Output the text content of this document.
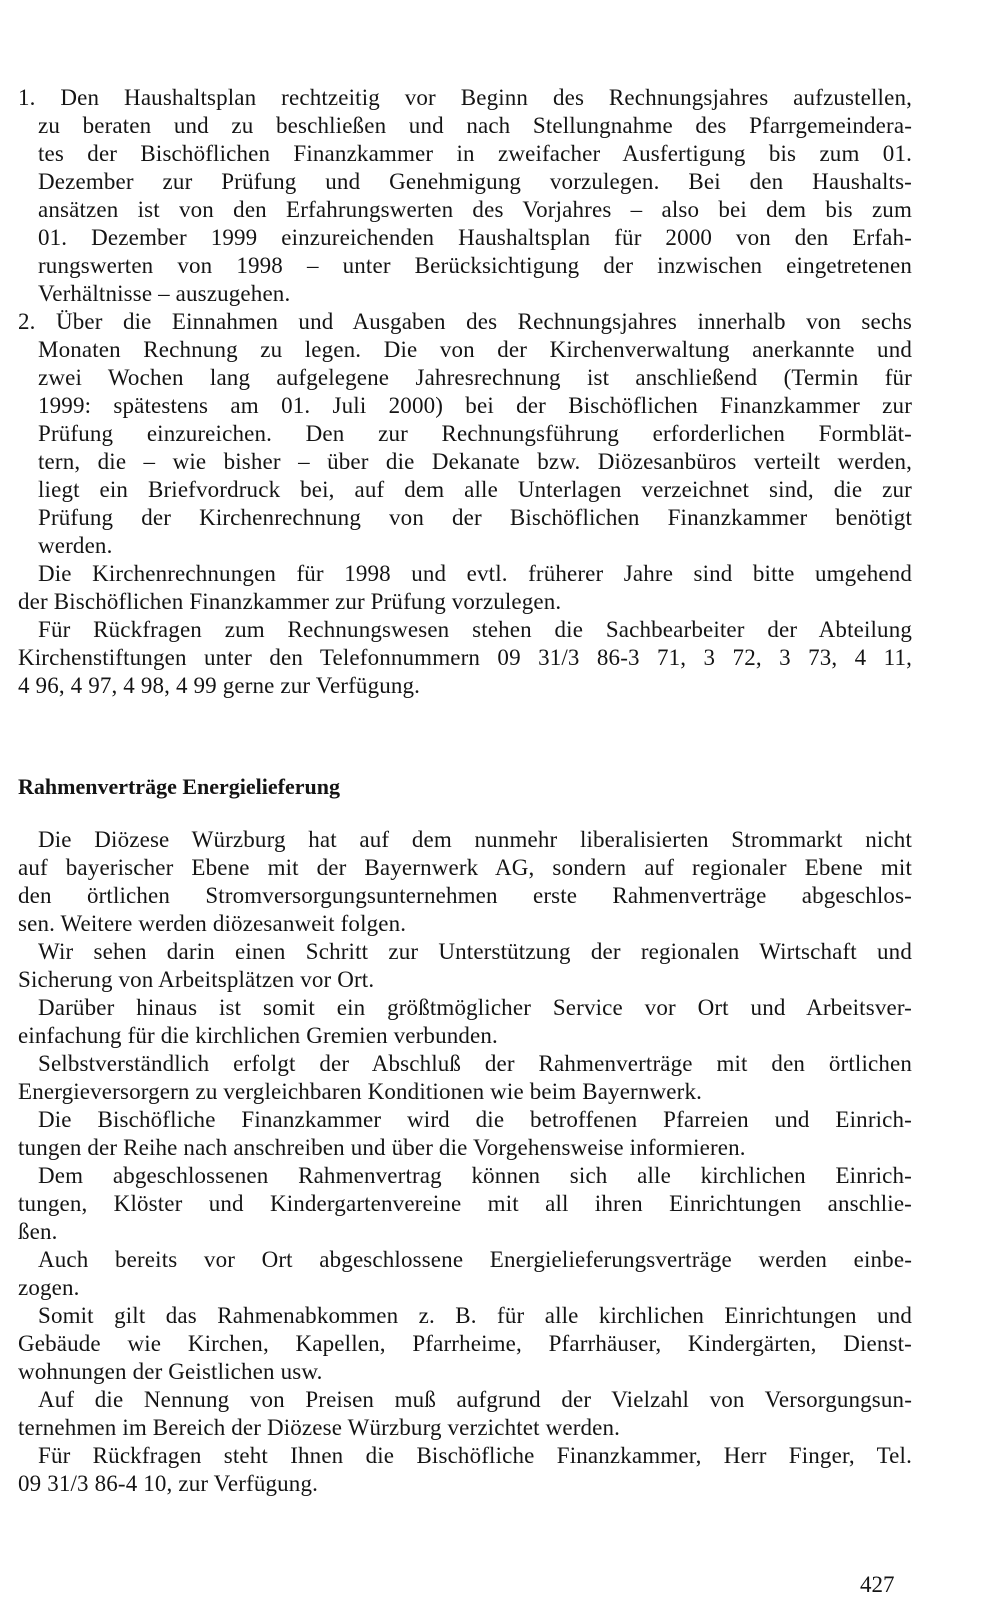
1. Den Haushaltsplan rechtzeitig vor Beginn des Rechnungsjahres aufzustellen,
zu beraten und zu beschließen und nach Stellungnahme des Pfarrgemeindera-
tes der Bischöflichen Finanzkammer in zweifacher Ausfertigung bis zum 01.
Dezember zur Prüfung und Genehmigung vorzulegen. Bei den Haushalts-
ansätzen ist von den Erfahrungswerten des Vorjahres – also bei dem bis zum
01. Dezember 1999 einzureichenden Haushaltsplan für 2000 von den Erfah-
rungswerten von 1998 – unter Berücksichtigung der inzwischen eingetretenen
Verhältnisse – auszugehen.
2. Über die Einnahmen und Ausgaben des Rechnungsjahres innerhalb von sechs
Monaten Rechnung zu legen. Die von der Kirchenverwaltung anerkannte und
zwei Wochen lang aufgelegene Jahresrechnung ist anschließend (Termin für
1999: spätestens am 01. Juli 2000) bei der Bischöflichen Finanzkammer zur
Prüfung einzureichen. Den zur Rechnungsführung erforderlichen Formblät-
tern, die – wie bisher – über die Dekanate bzw. Diözesanbüros verteilt werden,
liegt ein Briefvordruck bei, auf dem alle Unterlagen verzeichnet sind, die zur
Prüfung der Kirchenrechnung von der Bischöflichen Finanzkammer benötigt
werden.
Die Kirchenrechnungen für 1998 und evtl. früherer Jahre sind bitte umgehend
der Bischöflichen Finanzkammer zur Prüfung vorzulegen.
Für Rückfragen zum Rechnungswesen stehen die Sachbearbeiter der Abteilung
Kirchenstiftungen unter den Telefonnummern 09 31/3 86-3 71, 3 72, 3 73, 4 11,
4 96, 4 97, 4 98, 4 99 gerne zur Verfügung.
Rahmenverträge Energielieferung
Die Diözese Würzburg hat auf dem nunmehr liberalisierten Strommarkt nicht
auf bayerischer Ebene mit der Bayernwerk AG, sondern auf regionaler Ebene mit
den örtlichen Stromversorgungsunternehmen erste Rahmenverträge abgeschlos-
sen. Weitere werden diözesanweit folgen.
Wir sehen darin einen Schritt zur Unterstützung der regionalen Wirtschaft und
Sicherung von Arbeitsplätzen vor Ort.
Darüber hinaus ist somit ein größtmöglicher Service vor Ort und Arbeitsver-
einfachung für die kirchlichen Gremien verbunden.
Selbstverständlich erfolgt der Abschluß der Rahmenverträge mit den örtlichen
Energieversorgern zu vergleichbaren Konditionen wie beim Bayernwerk.
Die Bischöfliche Finanzkammer wird die betroffenen Pfarreien und Einrich-
tungen der Reihe nach anschreiben und über die Vorgehensweise informieren.
Dem abgeschlossenen Rahmenvertrag können sich alle kirchlichen Einrich-
tungen, Klöster und Kindergartenvereine mit all ihren Einrichtungen anschlie-
ßen.
Auch bereits vor Ort abgeschlossene Energielieferungsverträge werden einbe-
zogen.
Somit gilt das Rahmenabkommen z. B. für alle kirchlichen Einrichtungen und
Gebäude wie Kirchen, Kapellen, Pfarrheime, Pfarrhäuser, Kindergärten, Dienst-
wohnungen der Geistlichen usw.
Auf die Nennung von Preisen muß aufgrund der Vielzahl von Versorgungsun-
ternehmen im Bereich der Diözese Würzburg verzichtet werden.
Für Rückfragen steht Ihnen die Bischöfliche Finanzkammer, Herr Finger, Tel.
09 31/3 86-4 10, zur Verfügung.
427
